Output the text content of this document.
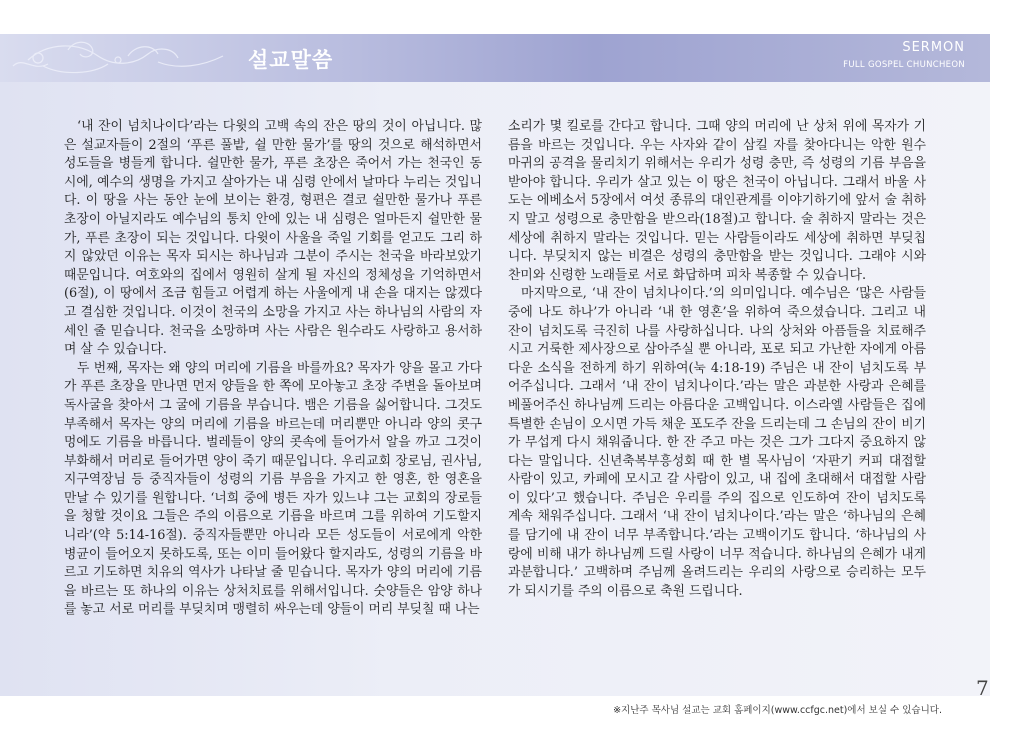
설교말씀
SERMON
FULL GOSPEL CHUNCHEON

‘내 잔이 넘치나이다’라는 다윗의 고백 속의 잔은 땅의 것이 아닙니다. 많은 설교자들이 2절의 ‘푸른 풀밭, 쉴 만한 물가’를 땅의 것으로 해석하면서 성도들을 병들게 합니다. 쉴만한 물가, 푸른 초장은 죽어서 가는 천국인 동시에, 예수의 생명을 가지고 살아가는 내 심령 안에서 날마다 누리는 것입니다. 이 땅을 사는 동안 눈에 보이는 환경, 형편은 결코 쉴만한 물가나 푸른 초장이 아닐지라도 예수님의 통치 안에 있는 내 심령은 얼마든지 쉴만한 물가, 푸른 초장이 되는 것입니다. 다윗이 사울을 죽일 기회를 얻고도 그리 하지 않았던 이유는 목자 되시는 하나님과 그분이 주시는 천국을 바라보았기 때문입니다. 여호와의 집에서 영원히 살게 될 자신의 정체성을 기억하면서(6절), 이 땅에서 조금 힘들고 어렵게 하는 사울에게 내 손을 대지는 않겠다고 결심한 것입니다. 이것이 천국의 소망을 가지고 사는 하나님의 사람의 자세인 줄 믿습니다. 천국을 소망하며 사는 사람은 원수라도 사랑하고 용서하며 살 수 있습니다.

두 번째, 목자는 왜 양의 머리에 기름을 바를까요? 목자가 양을 몰고 가다가 푸른 초장을 만나면 먼저 양들을 한 쪽에 모아놓고 초장 주변을 돌아보며 독사굴을 찾아서 그 굴에 기름을 부습니다. 뱀은 기름을 싫어합니다. 그것도 부족해서 목자는 양의 머리에 기름을 바르는데 머리뿐만 아니라 양의 콧구멍에도 기름을 바릅니다. 벌레들이 양의 콧속에 들어가서 알을 까고 그것이 부화해서 머리로 들어가면 양이 죽기 때문입니다. 우리교회 장로님, 권사님, 지구역장님 등 중직자들이 성령의 기름 부음을 가지고 한 영혼, 한 영혼을 만날 수 있기를 원합니다. ‘너희 중에 병든 자가 있느냐 그는 교회의 장로들을 청할 것이요 그들은 주의 이름으로 기름을 바르며 그를 위하여 기도할지니라’(약 5:14-16절). 중직자들뿐만 아니라 모든 성도들이 서로에게 악한 병균이 들어오지 못하도록, 또는 이미 들어왔다 할지라도, 성령의 기름을 바르고 기도하면 치유의 역사가 나타날 줄 믿습니다. 목자가 양의 머리에 기름을 바르는 또 하나의 이유는 상처치료를 위해서입니다. 숫양들은 암양 하나를 놓고 서로 머리를 부딪치며 맹렬히 싸우는데 양들이 머리 부딪칠 때 나는

소리가 몇 킬로를 간다고 합니다. 그때 양의 머리에 난 상처 위에 목자가 기름을 바르는 것입니다. 우는 사자와 같이 삼킬 자를 찾아다니는 악한 원수 마귀의 공격을 물리치기 위해서는 우리가 성령 충만, 즉 성령의 기름 부음을 받아야 합니다. 우리가 살고 있는 이 땅은 천국이 아닙니다. 그래서 바울 사도는 에베소서 5장에서 여섯 종류의 대인관계를 이야기하기에 앞서 술 취하지 말고 성령으로 충만함을 받으라(18절)고 합니다. 술 취하지 말라는 것은 세상에 취하지 말라는 것입니다. 믿는 사람들이라도 세상에 취하면 부딪칩니다. 부딪치지 않는 비결은 성령의 충만함을 받는 것입니다. 그래야 시와 찬미와 신령한 노래들로 서로 화답하며 피차 복종할 수 있습니다.

마지막으로, ‘내 잔이 넘치나이다.’의 의미입니다. 예수님은 ‘많은 사람들 중에 나도 하나’가 아니라 ‘내 한 영혼’을 위하여 죽으셨습니다. 그리고 내 잔이 넘치도록 극진히 나를 사랑하십니다. 나의 상처와 아픔들을 치료해주시고 거룩한 제사장으로 삼아주실 뿐 아니라, 포로 되고 가난한 자에게 아름다운 소식을 전하게 하기 위하여(눅 4:18-19) 주님은 내 잔이 넘치도록 부어주십니다. 그래서 ‘내 잔이 넘치나이다.’라는 말은 과분한 사랑과 은혜를 베풀어주신 하나님께 드리는 아름다운 고백입니다. 이스라엘 사람들은 집에 특별한 손님이 오시면 가득 채운 포도주 잔을 드리는데 그 손님의 잔이 비기가 무섭게 다시 채워줍니다. 한 잔 주고 마는 것은 그가 그다지 중요하지 않다는 말입니다. 신년축복부흥성회 때 한 별 목사님이 ‘자판기 커피 대접할 사람이 있고, 카페에 모시고 갈 사람이 있고, 내 집에 초대해서 대접할 사람이 있다’고 했습니다. 주님은 우리를 주의 집으로 인도하여 잔이 넘치도록 계속 채워주십니다. 그래서 ‘내 잔이 넘치나이다.’라는 말은 ‘하나님의 은혜를 담기에 내 잔이 너무 부족합니다.’라는 고백이기도 합니다. ‘하나님의 사랑에 비해 내가 하나님께 드릴 사랑이 너무 적습니다. 하나님의 은혜가 내게 과분합니다.’ 고백하며 주님께 올려드리는 우리의 사랑으로 승리하는 모두가 되시기를 주의 이름으로 축원 드립니다.

7
※지난주 목사님 설교는 교회 홈페이지(www.ccfgc.net)에서 보실 수 있습니다.
